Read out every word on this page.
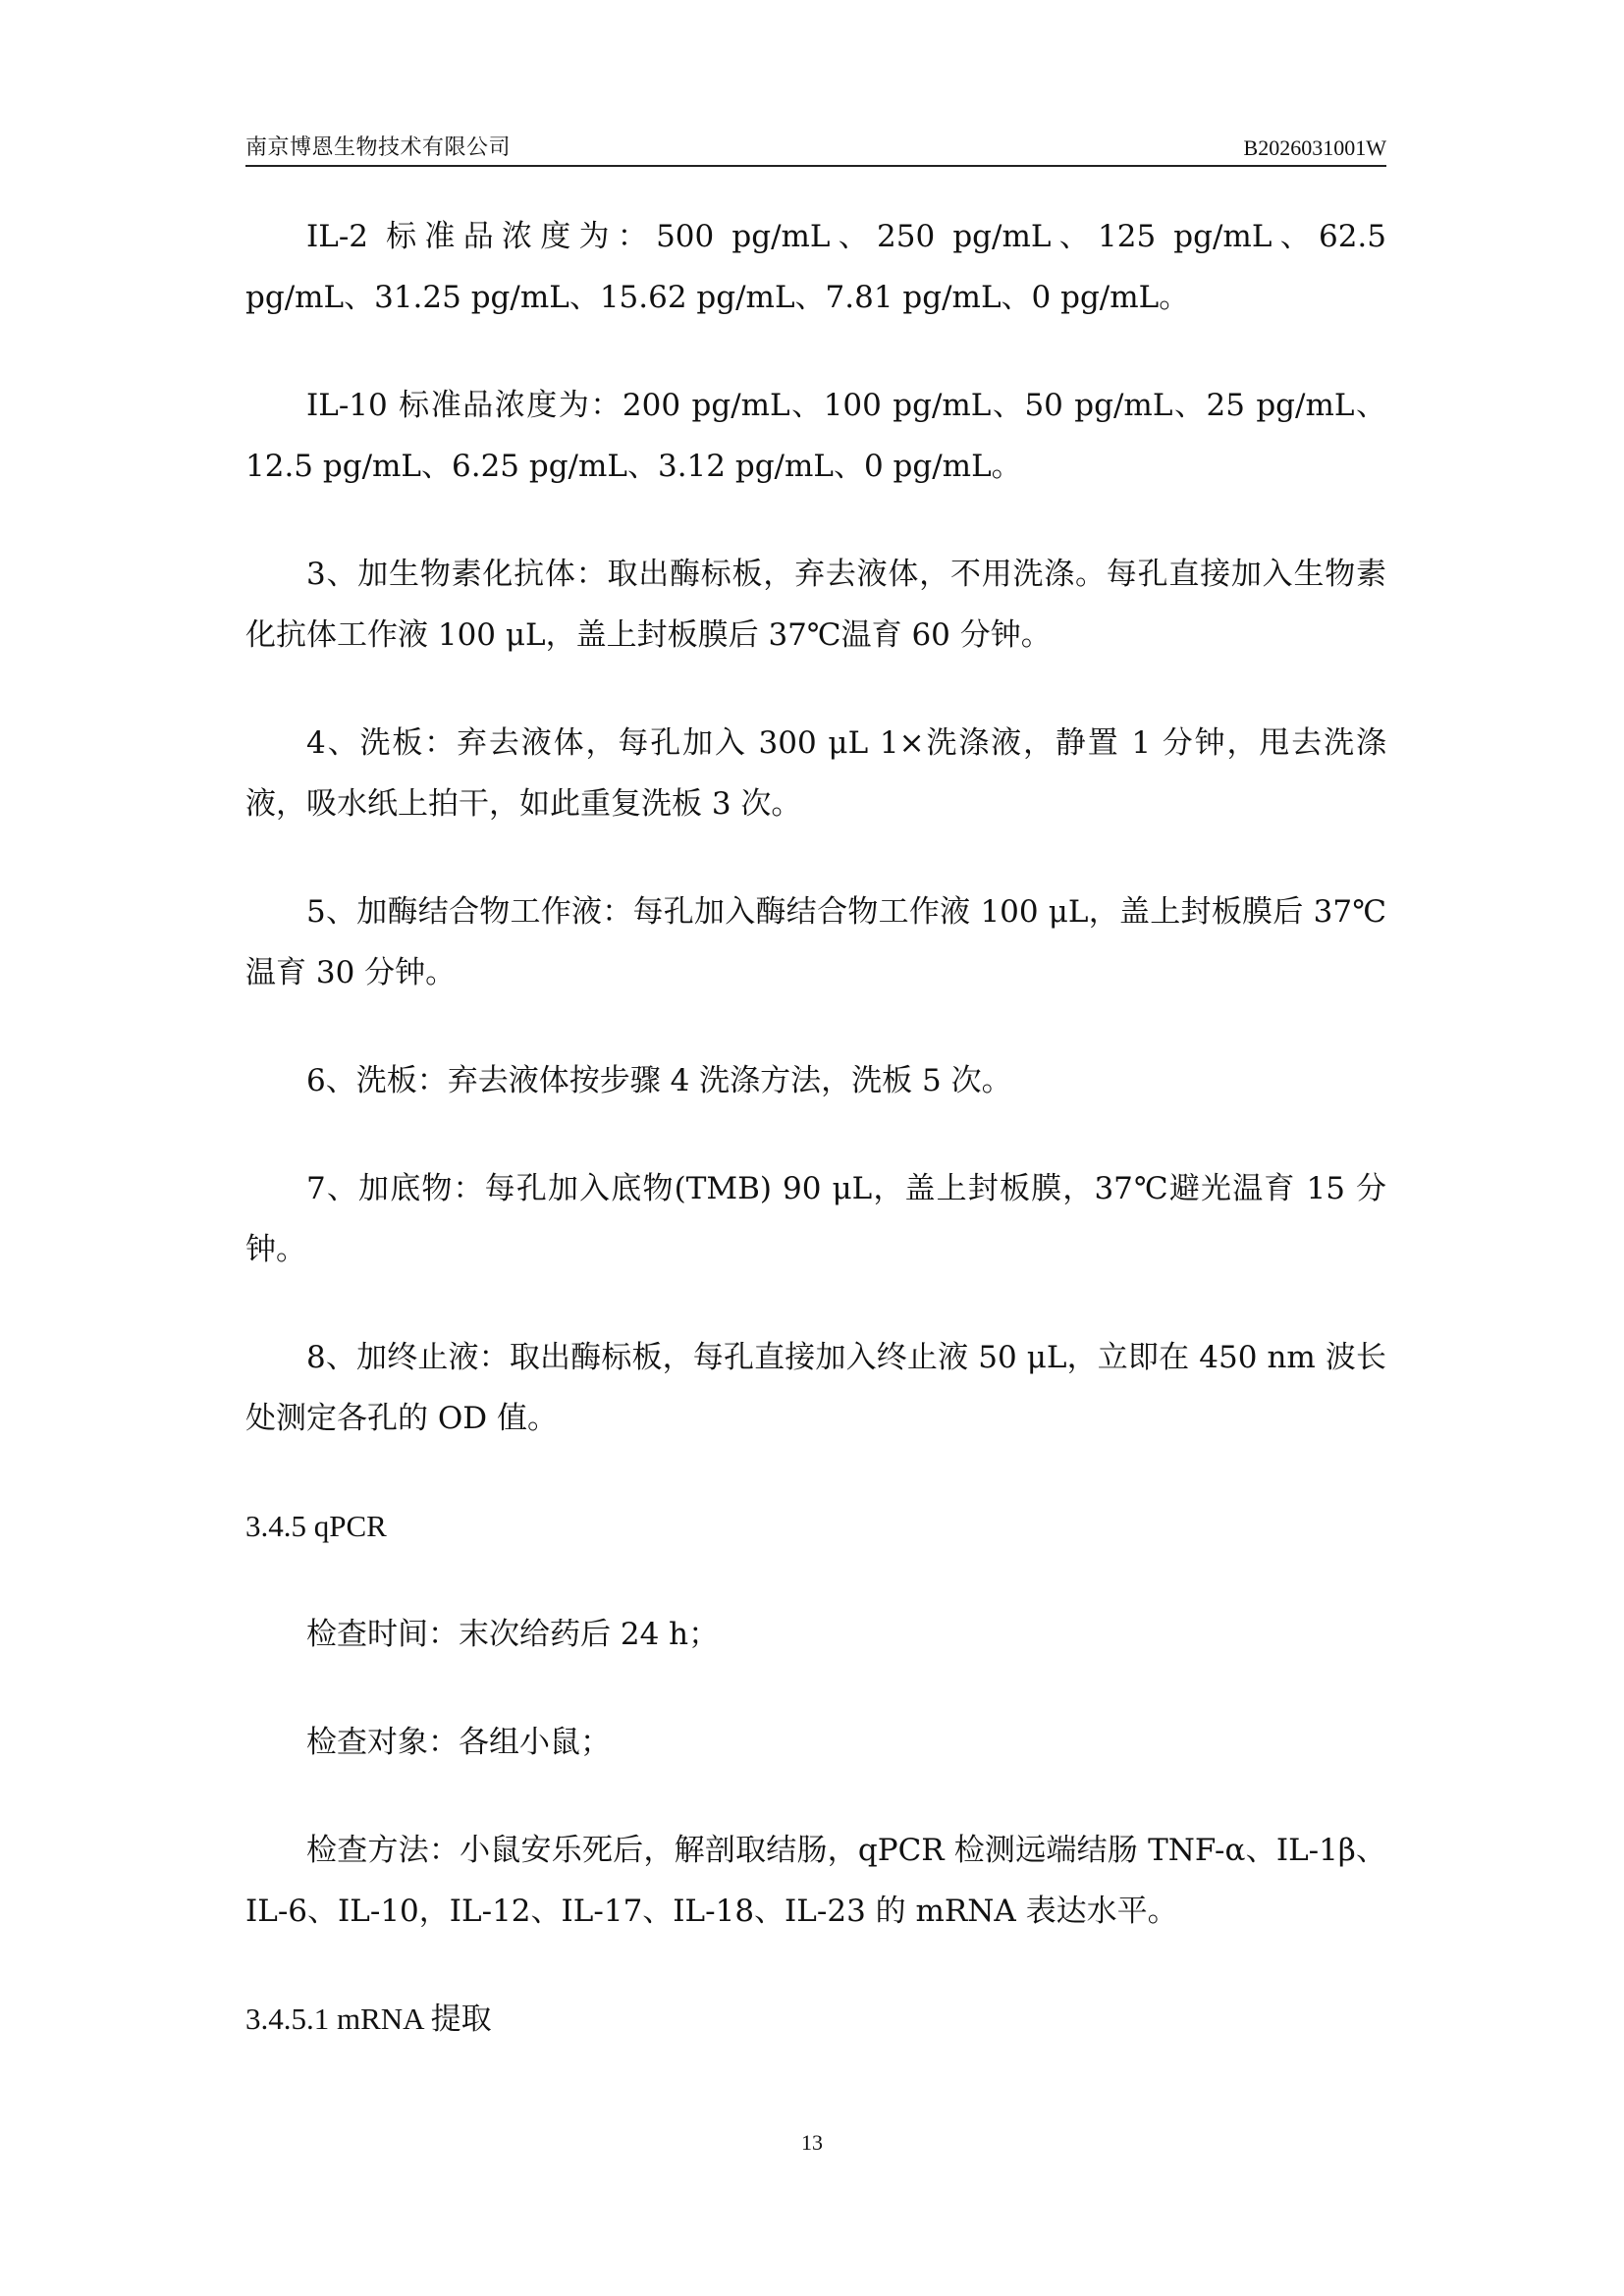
南京博恩生物技术有限公司	B2026031001W

IL-2 标准品浓度为：500 pg/mL、250 pg/mL、125 pg/mL、62.5 pg/mL、31.25 pg/mL、15.62 pg/mL、7.81 pg/mL、0 pg/mL。

IL-10 标准品浓度为：200 pg/mL、100 pg/mL、50 pg/mL、25 pg/mL、12.5 pg/mL、6.25 pg/mL、3.12 pg/mL、0 pg/mL。

3、加生物素化抗体：取出酶标板，弃去液体，不用洗涤。每孔直接加入生物素化抗体工作液 100 μL，盖上封板膜后 37℃温育 60 分钟。

4、洗板：弃去液体，每孔加入 300 μL 1×洗涤液，静置 1 分钟，甩去洗涤液，吸水纸上拍干，如此重复洗板 3 次。

5、加酶结合物工作液：每孔加入酶结合物工作液 100 μL，盖上封板膜后 37℃温育 30 分钟。

6、洗板：弃去液体按步骤 4 洗涤方法，洗板 5 次。

7、加底物：每孔加入底物(TMB) 90 μL，盖上封板膜，37℃避光温育 15 分钟。

8、加终止液：取出酶标板，每孔直接加入终止液 50 μL，立即在 450 nm 波长处测定各孔的 OD 值。

3.4.5 qPCR

检查时间：末次给药后 24 h；

检查对象：各组小鼠；

检查方法：小鼠安乐死后，解剖取结肠，qPCR 检测远端结肠 TNF-α、IL-1β、IL-6、IL-10，IL-12、IL-17、IL-18、IL-23 的 mRNA 表达水平。

3.4.5.1 mRNA 提取
13
